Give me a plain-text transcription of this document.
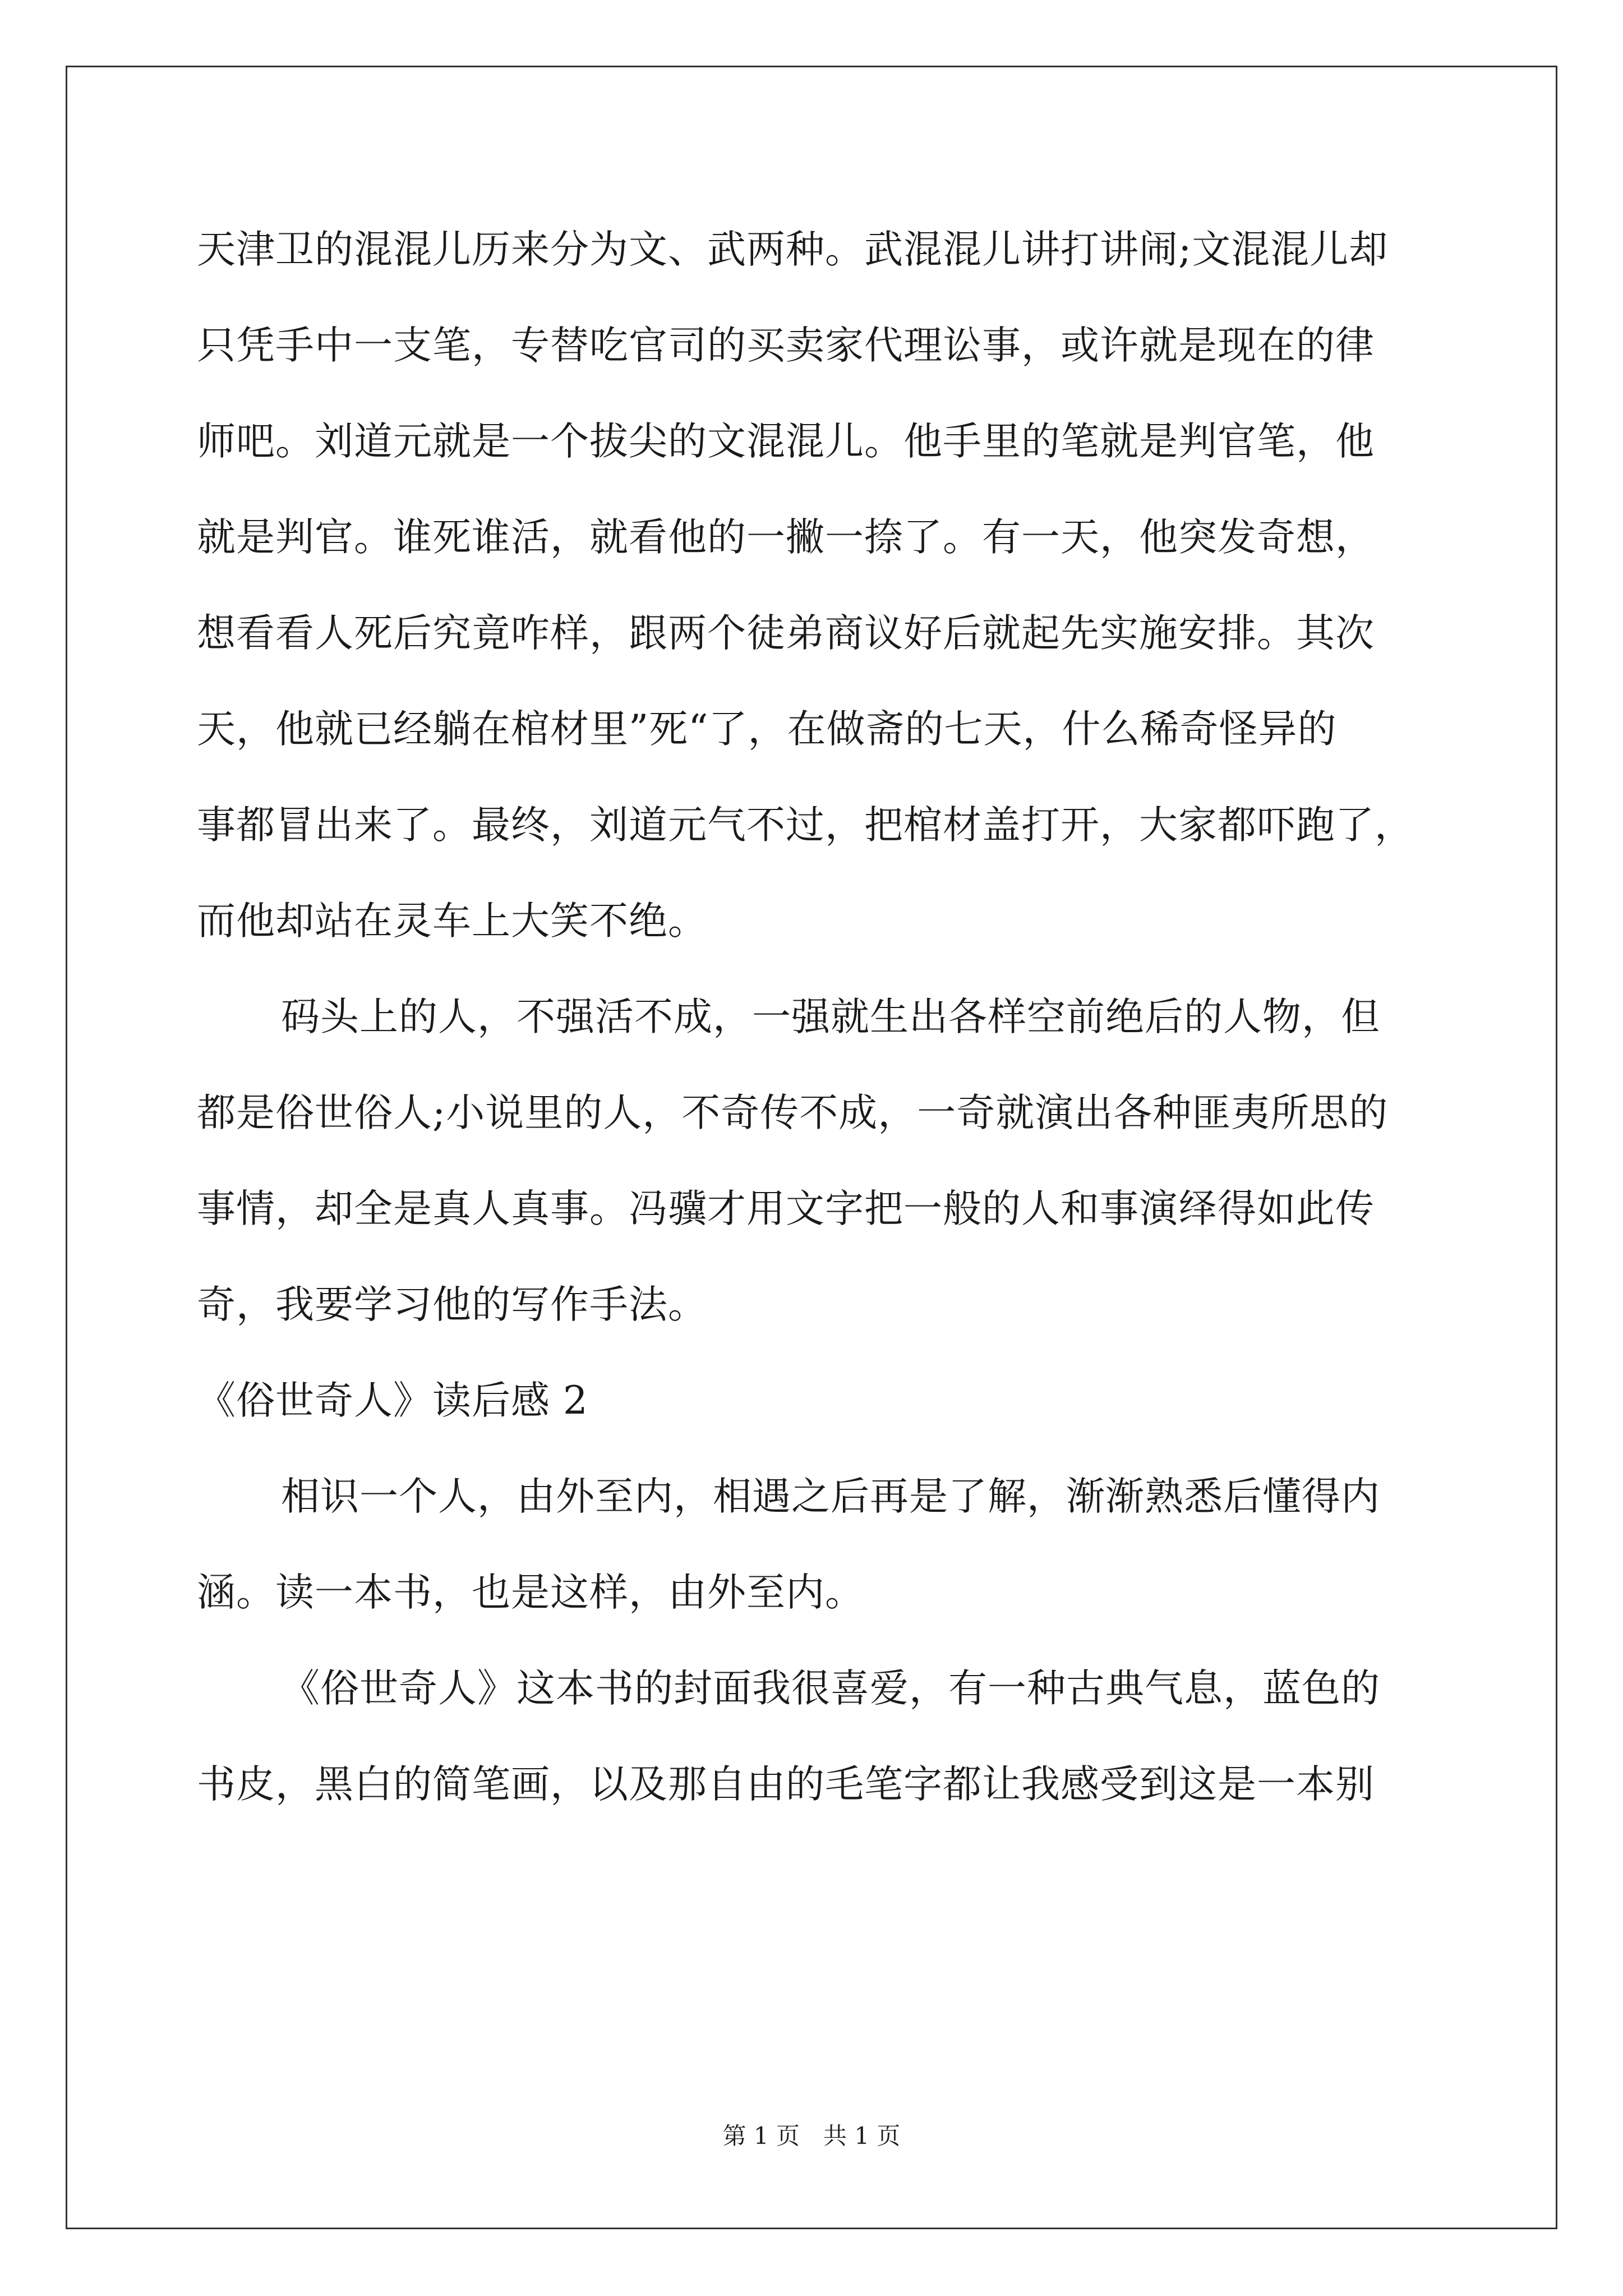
天津卫的混混儿历来分为文、武两种。武混混儿讲打讲闹;文混混儿却
只凭手中一支笔，专替吃官司的买卖家代理讼事，或许就是现在的律
师吧。刘道元就是一个拔尖的文混混儿。他手里的笔就是判官笔，他
就是判官。谁死谁活，就看他的一撇一捺了。有一天，他突发奇想，
想看看人死后究竟咋样，跟两个徒弟商议好后就起先实施安排。其次
天，他就已经躺在棺材里”死“了，在做斋的七天，什么稀奇怪异的
事都冒出来了。最终，刘道元气不过，把棺材盖打开，大家都吓跑了，
而他却站在灵车上大笑不绝。
码头上的人，不强活不成，一强就生出各样空前绝后的人物，但
都是俗世俗人;小说里的人，不奇传不成，一奇就演出各种匪夷所思的
事情，却全是真人真事。冯骥才用文字把一般的人和事演绎得如此传
奇，我要学习他的写作手法。
《俗世奇人》读后感 2
相识一个人，由外至内，相遇之后再是了解，渐渐熟悉后懂得内
涵。读一本书，也是这样，由外至内。
《俗世奇人》这本书的封面我很喜爱，有一种古典气息，蓝色的
书皮，黑白的简笔画，以及那自由的毛笔字都让我感受到这是一本别
第 1 页　共 1 页
